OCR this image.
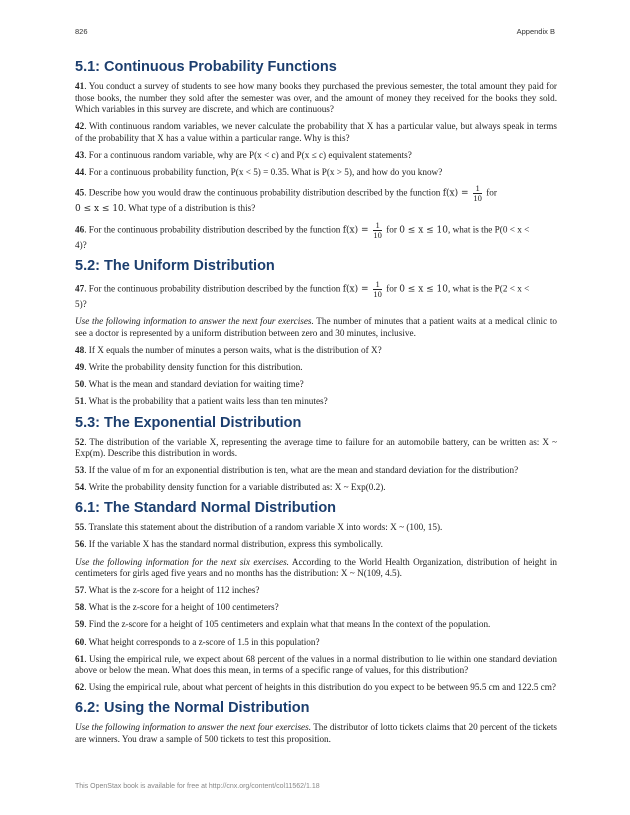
826	Appendix B
5.1: Continuous Probability Functions

41. You conduct a survey of students to see how many books they purchased the previous semester, the total amount they paid for those books, the number they sold after the semester was over, and the amount of money they received for the books they sold. Which variables in this survey are discrete, and which are continuous?

42. With continuous random variables, we never calculate the probability that X has a particular value, but always speak in terms of the probability that X has a value within a particular range. Why is this?

43. For a continuous random variable, why are P(x < c) and P(x ≤ c) equivalent statements?

44. For a continuous probability function, P(x < 5) = 0.35. What is P(x > 5), and how do you know?

45. Describe how you would draw the continuous probability distribution described by the function $f(x) = \frac{1}{10}$ for
0 ≤ x ≤ 10. What type of a distribution is this?

46. For the continuous probability distribution described by the function $f(x) = \frac{1}{10}$ for 0 ≤ x ≤ 10, what is the P(0 < x <
4)?

5.2: The Uniform Distribution

47. For the continuous probability distribution described by the function $f(x) = \frac{1}{10}$ for 0 ≤ x ≤ 10, what is the P(2 < x <
5)?

Use the following information to answer the next four exercises. The number of minutes that a patient waits at a medical clinic to see a doctor is represented by a uniform distribution between zero and 30 minutes, inclusive.

48. If X equals the number of minutes a person waits, what is the distribution of X?

49. Write the probability density function for this distribution.

50. What is the mean and standard deviation for waiting time?

51. What is the probability that a patient waits less than ten minutes?

5.3: The Exponential Distribution

52. The distribution of the variable X, representing the average time to failure for an automobile battery, can be written as: X ~ Exp(m). Describe this distribution in words.

53. If the value of m for an exponential distribution is ten, what are the mean and standard deviation for the distribution?

54. Write the probability density function for a variable distributed as: X ~ Exp(0.2).

6.1: The Standard Normal Distribution

55. Translate this statement about the distribution of a random variable X into words: X ~ (100, 15).

56. If the variable X has the standard normal distribution, express this symbolically.

Use the following information for the next six exercises. According to the World Health Organization, distribution of height in centimeters for girls aged five years and no months has the distribution: X ~ N(109, 4.5).

57. What is the z-score for a height of 112 inches?

58. What is the z-score for a height of 100 centimeters?

59. Find the z-score for a height of 105 centimeters and explain what that means In the context of the population.

60. What height corresponds to a z-score of 1.5 in this population?

61. Using the empirical rule, we expect about 68 percent of the values in a normal distribution to lie within one standard deviation above or below the mean. What does this mean, in terms of a specific range of values, for this distribution?

62. Using the empirical rule, about what percent of heights in this distribution do you expect to be between 95.5 cm and 122.5 cm?

6.2: Using the Normal Distribution

Use the following information to answer the next four exercises. The distributor of lotto tickets claims that 20 percent of the tickets are winners. You draw a sample of 500 tickets to test this proposition.

This OpenStax book is available for free at http://cnx.org/content/col11562/1.18
